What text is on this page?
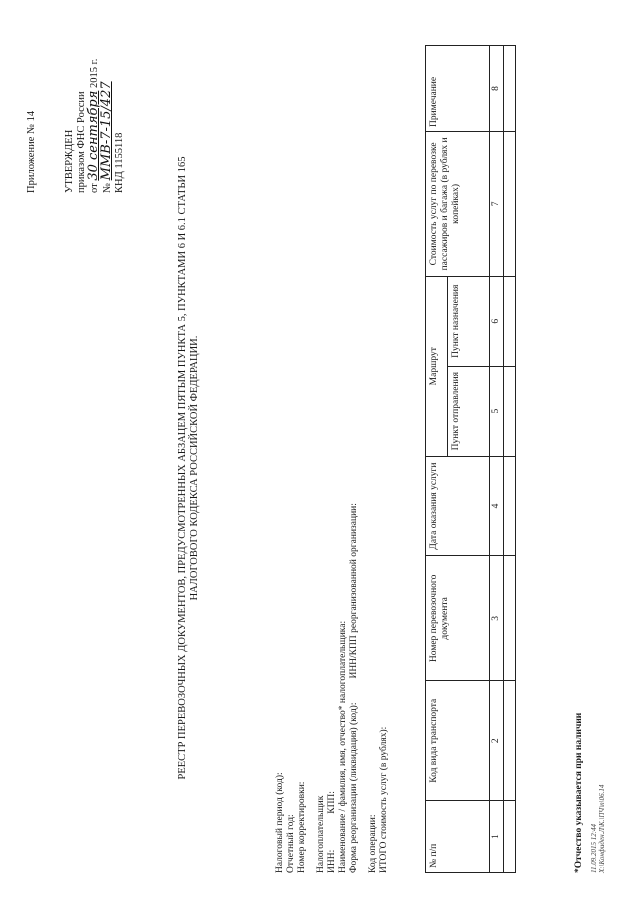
Приложение № 14	УТВЕРЖДЕН приказом ФНС России от 30 сентября 2015 г.
№ ММВ-7-15/427 КНД 1155118	РЕЕСТР ПЕРЕВОЗОЧНЫХ ДОКУМЕНТОВ, ПРЕДУСМОТРЕННЫХ АБЗАЦЕМ ПЯТЫМ ПУНКТА 5, ПУНКТАМИ 6 И 6.1 СТАТЬИ 165 НАЛОГОВОГО КОДЕКСА РОССИЙСКОЙ ФЕДЕРАЦИИ.
Налоговый период (код): Отчетный год: Номер корректировки: Налогоплательщик ИНН:КПП: Наименование / фамилия, имя, отчество* налогоплательщика: Форма реорганизации (ликвидация) (код):ИНН/КПП реорганизованной организации:
Код операции: ИТОГО стоимость услуг (в рублях):	№ п/п	Код вида транспорта	Номер перевозочного документа	Дата оказания услуги	Маршрут		Стоимость услуг по перевозке пассажиров и багажа (в рублях и копейках)	Примечание
				Пункт отправления	Пункт назначения		
1	2	3	4	5	6	7	8

*Отчество указывается при наличии 11.09.2015 12:44 X:\Конфиден.Л\К.\ПЧ\п\06.14
